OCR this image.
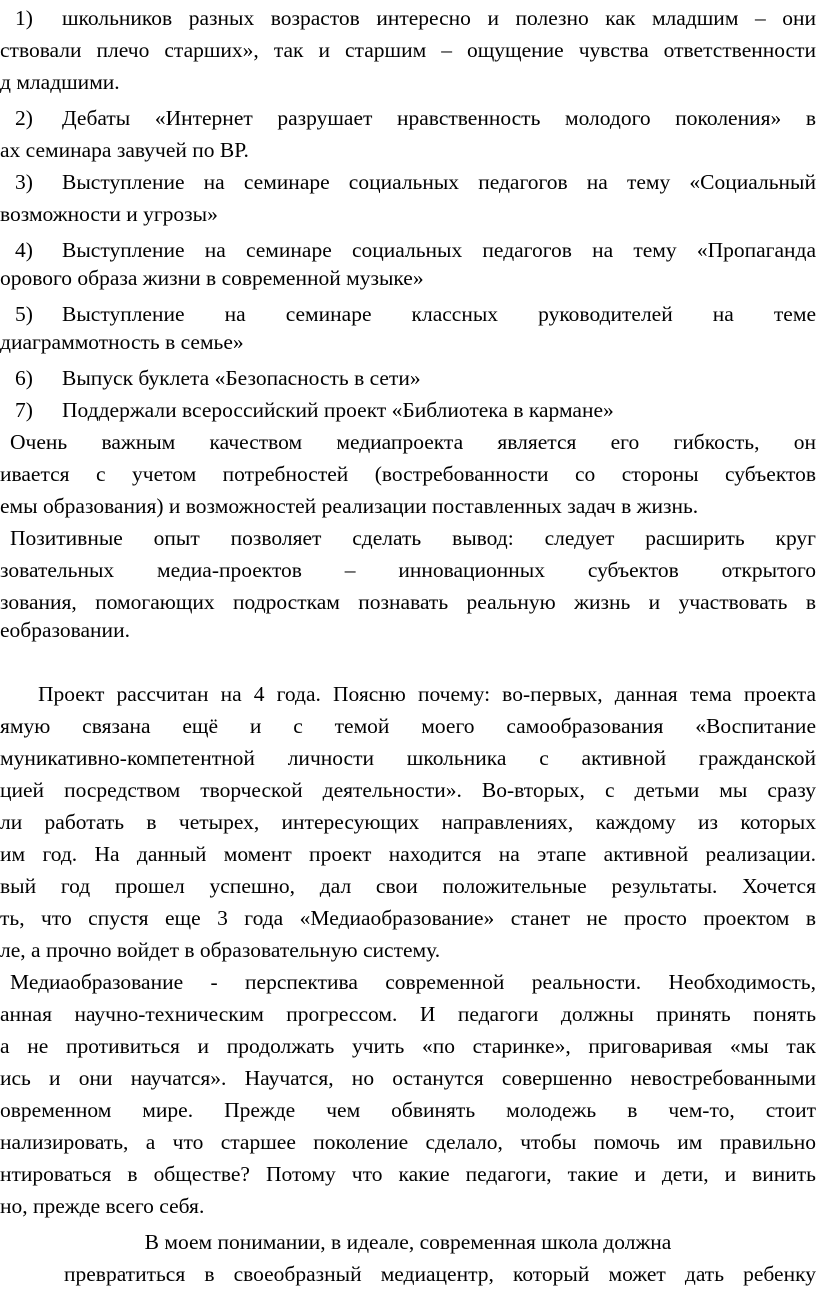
1) школьников разных возрастов интересно и полезно как младшим – они
ствовали плечо старших», так и старшим – ощущение чувства ответственности
д младшими.
2) Дебаты «Интернет разрушает нравственность молодого поколения» в
ах семинара завучей по ВР.
3) Выступление на семинаре социальных педагогов на тему «Социальный
возможности и угрозы»
4) Выступление на семинаре социальных педагогов на тему «Пропаганда
орового образа жизни в современной музыке»
5) Выступление на семинаре классных руководителей на теме
диаграммотность в семье»
6) Выпуск буклета «Безопасность в сети»
7) Поддержали всероссийский проект «Библиотека в кармане»
Очень важным качеством медиапроекта является его гибкость, он
ивается с учетом потребностей (востребованности со стороны субъектов
емы образования) и возможностей реализации поставленных задач в жизнь.
Позитивные опыт позволяет сделать вывод: следует расширить круг
зовательных медиа-проектов – инновационных субъектов открытого
зования, помогающих подросткам познавать реальную жизнь и участвовать в
еобразовании.
Проект рассчитан на 4 года. Поясню почему: во-первых, данная тема проекта
ямую связана ещё и с темой моего самообразования «Воспитание
муникативно-компетентной личности школьника с активной гражданской
цией посредством творческой деятельности». Во-вторых, с детьми мы сразу
ли работать в четырех, интересующих направлениях, каждому из которых
им год. На данный момент проект находится на этапе активной реализации.
вый год прошел успешно, дал свои положительные результаты. Хочется
ть, что спустя еще 3 года «Медиаобразование» станет не просто проектом в
ле, а прочно войдет в образовательную систему.
Медиаобразование - перспектива современной реальности. Необходимость,
анная научно-техническим прогрессом. И педагоги должны принять понять
а не противиться и продолжать учить «по старинке», приговаривая «мы так
ись и они научатся». Научатся, но останутся совершенно невостребованными
овременном мире. Прежде чем обвинять молодежь в чем-то, стоит
нализировать, а что старшее поколение сделало, чтобы помочь им правильно
нтироваться в обществе? Потому что какие педагоги, такие и дети, и винить
но, прежде всего себя.
В моем понимании, в идеале, современная школа должна
превратиться в своеобразный медиацентр, который может дать ребенку
